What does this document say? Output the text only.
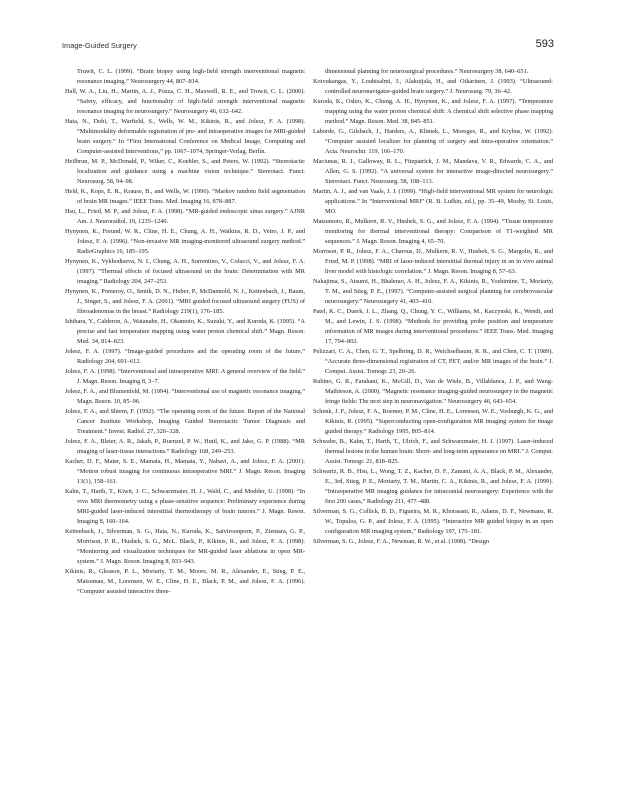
Image-Guided Surgery	593

Truwit, C. L. (1999). “Brain biopsy using high-field strength interventional magnetic resonance imaging.” Neurosurgery 44, 807–814.

Hall, W. A., Liu, H., Martin, A. J., Pozza, C. H., Maxwell, R. E., and Truwit, C. L. (2000). “Safety, efficacy, and functionality of high-field strength interventional magnetic resonance imaging for neurosurgery.” Neurosurgery 46, 632–642.

Hata, N., Dohi, T., Warfield, S., Wells, W. M., Kikinis, R., and Jolesz, F. A. (1998). “Multimodality deformable registration of pre- and intraoperative images for MRI-guided brain surgery.” In “First International Conference on Medical Image, Computing and Computer-assisted Interventions,” pp. 1067–1074, Springer-Verlag, Berlin.

Heilbrun, M. P., McDonald, P., Wiker, C., Koehler, S., and Peters, W. (1992). “Stereotactic localization and guidance using a machine vision technique.” Stereotact. Funct. Neurosurg. 58, 94–98.

Held, K., Kops, E. R., Krause, B., and Wells, W. (1996). “Markov random field segmentation of brain MR images.” IEEE Trans. Med. Imaging 16, 878–887.

Hsu, L., Fried, M. P., and Jolesz, F. A. (1998). “MR-guided endoscopic sinus surgery.” AJNR Am. J. Neuroradiol. 19, 1235–1240.

Hynynen, K., Freund, W. R., Cline, H. E., Chung, A. H., Watkins, R. D., Vetro, J. P., and Jolesz, F. A. (1996). “Non-invasive MR imaging-monitored ultrasound surgery method.” RadioGraphics 16, 185–195.

Hynynen, K., Vykhodtseva, N. I., Chung, A. H., Sorrentino, V., Colucci, V., and Jolesz, F. A. (1997). “Thermal effects of focused ultrasound on the brain: Determination with MR imaging.” Radiology 204, 247–253.

Hynynen, K., Pomeroy, O., Smith, D. N., Huber, P., McDannold, N. J., Kettenbach, J., Baum, J., Singer, S., and Jolesz, F. A. (2001). “MRI guided focused ultrasound surgery (FUS) of fibroadenomas in the breast.” Radiology 219(1), 176–185.

Ishihara, Y., Calderon, A., Watanabe, H., Okamoto, K., Suzuki, Y., and Kuroda, K. (1995). “A precise and fast temperature mapping using water proton chemical shift.” Magn. Reson. Med. 34, 814–823.

Jolesz, F. A. (1997). “Image-guided procedures and the operating room of the future.” Radiology 204, 601–612.

Jolesz, F. A. (1998). “Interventional and intraoperative MRI: A general overview of the field.” J. Magn. Reson. Imaging 8, 3–7.

Jolesz, F. A., and Blumenfeld, M. (1994). “Interventional use of magnetic resonance imaging.” Magn. Reson. 10, 85–96.

Jolesz, F. A., and Shtern, F. (1992). “The operating room of the future. Report of the National Cancer Institute Workshop, Imaging Guided Stereotactic Tumor Diagnosis and Treatment.” Invest. Radiol. 27, 326–328.

Jolesz, F. A., Bleier, A. R., Jakab, P., Ruenzel, P. W., Huttl, K., and Jako, G. P. (1988). “MR imaging of laser-tissue interactions.” Radiology 168, 249–253.

Kacher, D. F., Maier, S. E., Mamata, H., Mamata, Y., Nabavi, A., and Jolesz, F. A. (2001). “Motion robust imaging for continuous intraoperative MRI.” J. Magn. Reson. Imaging 13(1), 158–161.

Kahn, T., Harth, T., Kiwit, J. C., Schwarzmaier, H. J., Wald, C., and Modder, U. (1998). “In vivo MRI thermometry using a phase-sensitive sequence: Preliminary experience during MRI-guided laser-induced interstitial thermotherapy of brain tumors.” J. Magn. Reson. Imaging 8, 160–164.

Kettenbach, J., Silverman, S. G., Hata, N., Kuroda, K., Saiviroonporn, P., Zientara, G. P., Morrison, P. R., Hushek, S. G., McL. Black, P., Kikinis, R., and Jolesz, F. A. (1998). “Monitoring and visualization techniques for MR-guided laser ablations in open MR-system.” J. Magn. Reson. Imaging 8, 933–943.

Kikinis, R., Gleason, P. L., Moriarty, T. M., Moore, M. R., Alexander, E., Stieg, P. E., Matsumae, M., Lorensen, W. E., Cline, H. E., Black, P. M., and Jolesz, F. A. (1996). “Computer assisted interactive three-

dimensional planning for neurosurgical procedures.” Neurosurgery 38, 640–651.

Koivukangas, Y., Louhisalmi, J., Alakuijala, H., and Oikarinen, J. (1993). “Ultrasound-controlled neuronavigator-guided brain surgery.” J. Neurosurg. 79, 36–42.

Kuroda, K., Oshio, K., Chung, A. H., Hynynen, K., and Jolesz, F. A. (1997). “Temperature mapping using the water proton chemical shift: A chemical shift selective phase mapping method.” Magn. Reson. Med. 38, 845–851.

Laborde, G., Gilsbach, J., Harders, A., Klimek, L., Moesges, R., and Krybus, W. (1992). “Computer assisted localizer for planning of surgery and intra-operative orientation.” Acta. Neurochir. 119, 166–170.

Maciunas, R. J., Galloway, R. L., Fitzpatrick, J. M., Mandava, V. R., Edwards, C. A., and Allen, G. S. (1992). “A universal system for interactive image-directed neurosurgery.” Stereotact. Funct. Neurosurg. 58, 108–113.

Martin, A. J., and van Vaals, J. J. (1999). “High-field interventional MR system for neurologic applications.” In “Interventional MRI” (R. B. Lufkin, ed.), pp. 35–49, Mosby, St. Louis, MO.

Matsumoto, R., Mulkern, R. V., Hushek, S. G., and Jolesz, F. A. (1994). “Tissue temperature monitoring for thermal interventional therapy: Comparison of T1-weighted MR sequences.” J. Magn. Reson. Imaging 4, 65–70.

Morrison, P. R., Jolesz, F. A., Charous, D., Mulkern, R. V., Hushek, S. G., Margolis, R., and Fried, M. P. (1998). “MRI of laser-induced interstitial thermal injury in an in vivo animal liver model with histologic correlation.” J. Magn. Reson. Imaging 8, 57–63.

Nakajima, S., Atsumi, H., Bhalerao, A. H., Jolesz, F. A., Kikinis, R., Yoshimine, T., Moriarty, T. M., and Stieg, P. E., (1997). “Computer-assisted surgical planning for cerebrovascular neurosurgery.” Neurosurgery 41, 403–410.

Patel, K. C., Duerk, J. L., Zhang, Q., Chung, Y. C., Williams, M., Kaczynski, K., Wendt, and M., and Lewin, J. S. (1998). “Methods for providing probe position and temperature information of MR images during interventional procedures.” IEEE Trans. Med. Imaging 17, 794–802.

Pelizzari, C. A., Chen, G. T., Spelbring, D. R., Weichselbaum, R. R., and Chen, C. T. (1989). “Accurate three-dimensional registration of CT, PET, and/or MR images of the brain.” J. Comput. Assist. Tomogr. 23, 20–26.

Rubino, G. R., Farahani, K., McGill, D., Van de Wiele, B., Villablanca, J. P., and Wang-Mathieson, A. (2000). “Magnetic resonance imaging-guided neurosurgery in the magnetic fringe fields: The next step in neuronavigation.” Neurosurgery 46, 643–654.

Schenk, J. F., Jolesz, F. A., Roemer, P. M., Cline, H. E., Lorensen, W. E., Vosburgh, K. G., and Kikinis, R. (1995). “Superconducting open-configuration MR imaging system for image guided therapy.” Radiology 1995, 805–814.

Schwabe, B., Kahn, T., Harth, T., Ulrich, F., and Schwarzmaier, H. J. (1997). Laser-induced thermal lesions in the human brain: Short- and long-term appearance on MRI.” J. Comput. Assist. Tomogr. 21, 818–825.

Schwartz, R. B., Hsu, L., Wong, T. Z., Kacher, D. F., Zamani, A. A., Black, P. M., Alexander, E., 3rd, Stieg, P. E., Moriarty, T. M., Martin, C. A., Kikinis, R., and Jolesz, F. A. (1999). “Intraoperative MR imaging guidance for intracranial neurosurgery: Experience with the first 200 cases,” Radiology 211, 477–488.

Silverman, S. G., Collick, B. D., Figueira, M. R., Khorasani, R., Adams, D. F., Newmans, R. W., Topulos, G. P., and Jolesz, F. A. (1995). “Interactive MR guided biopsy in an open configuration MR imaging system,” Radiology 197, 175–181.

Silverman, S. G., Jolesz, F. A., Newman, R. W., et al. (1998). “Design
